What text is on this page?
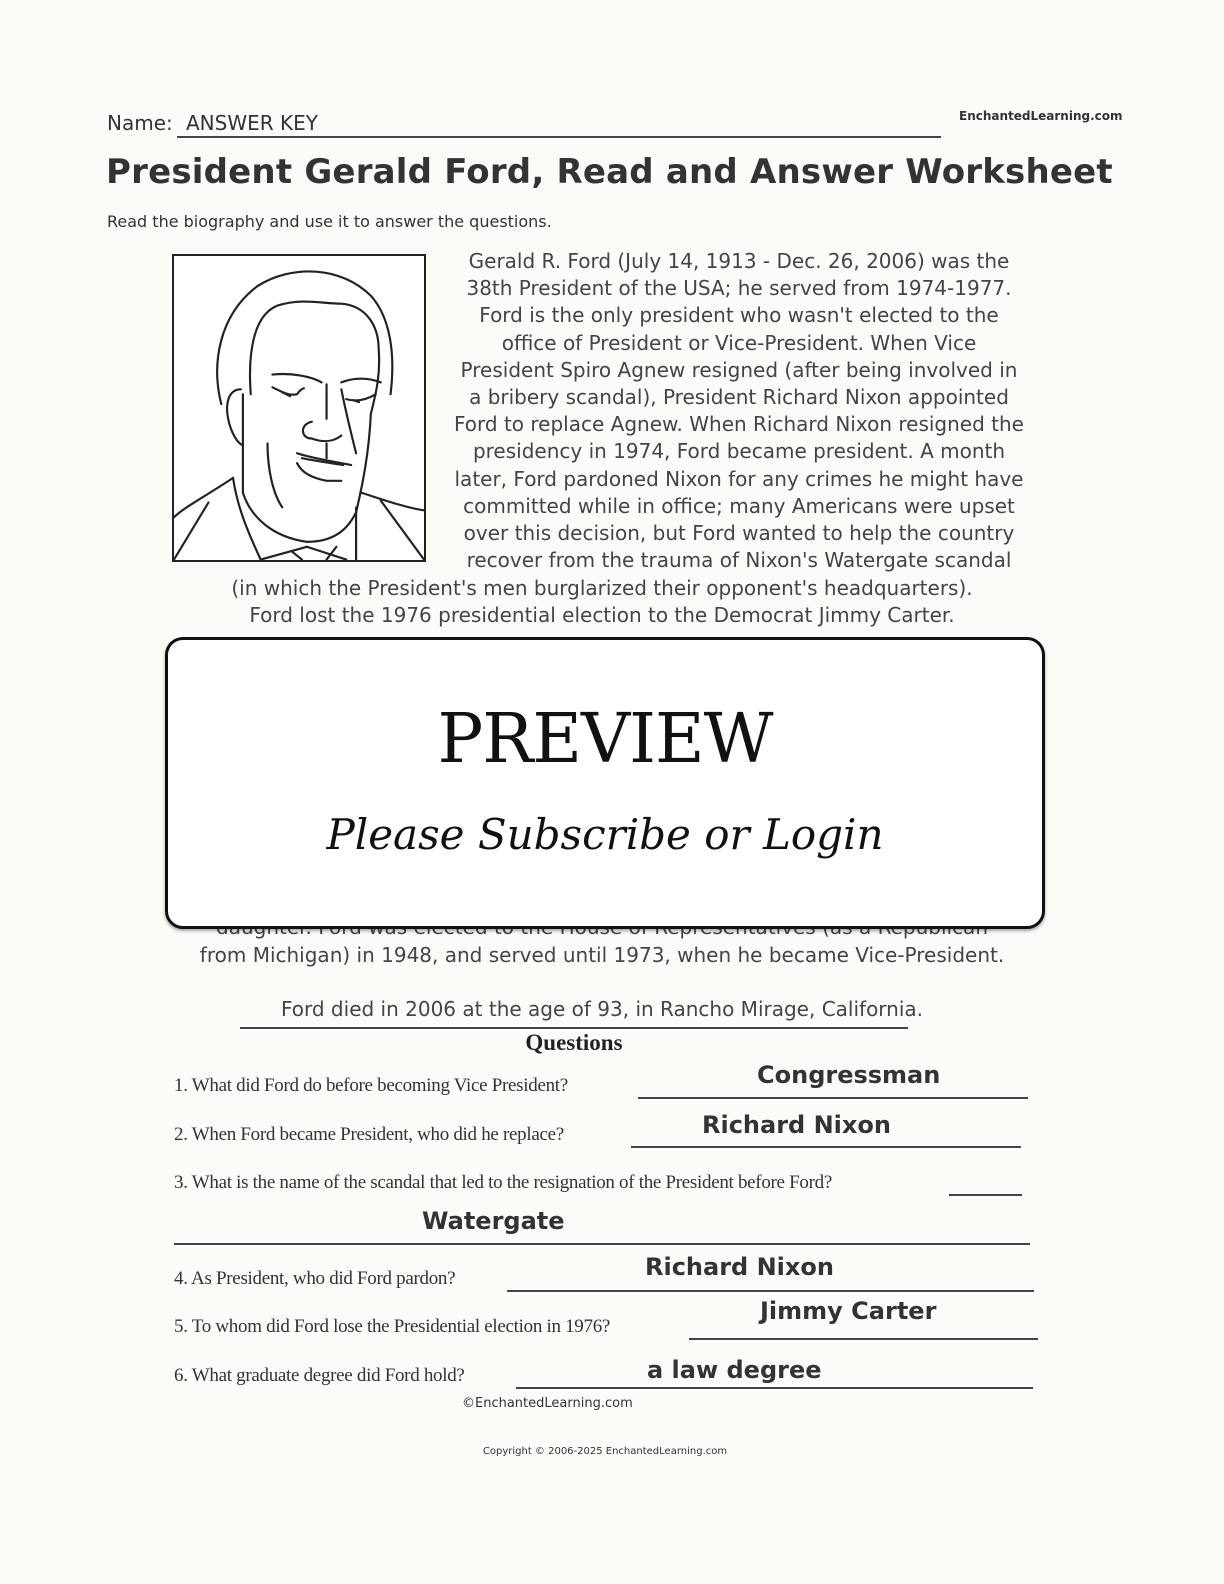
Name: ANSWER KEY	EnchantedLearning.com
President Gerald Ford, Read and Answer Worksheet
Read the biography and use it to answer the questions.
Gerald R. Ford (July 14, 1913 - Dec. 26, 2006) was the
38th President of the USA; he served from 1974-1977.
Ford is the only president who wasn't elected to the
office of President or Vice-President. When Vice
President Spiro Agnew resigned (after being involved in
a bribery scandal), President Richard Nixon appointed
Ford to replace Agnew. When Richard Nixon resigned the
presidency in 1974, Ford became president. A month
later, Ford pardoned Nixon for any crimes he might have
committed while in office; many Americans were upset
over this decision, but Ford wanted to help the country
recover from the trauma of Nixon's Watergate scandal
(in which the President's men burglarized their opponent's headquarters).
Ford lost the 1976 presidential election to the Democrat Jimmy Carter.
PREVIEW
Please Subscribe or Login
from Michigan) in 1948, and served until 1973, when he became Vice-President.
Ford died in 2006 at the age of 93, in Rancho Mirage, California.
Questions
1. What did Ford do before becoming Vice President?	Congressman
2. When Ford became President, who did he replace?	Richard Nixon
3. What is the name of the scandal that led to the resignation of the President before Ford?
Watergate
4. As President, who did Ford pardon?	Richard Nixon
5. To whom did Ford lose the Presidential election in 1976?
Jimmy Carter
6. What graduate degree did Ford hold?	a law degree
©EnchantedLearning.com
Copyright © 2006-2025 EnchantedLearning.com
